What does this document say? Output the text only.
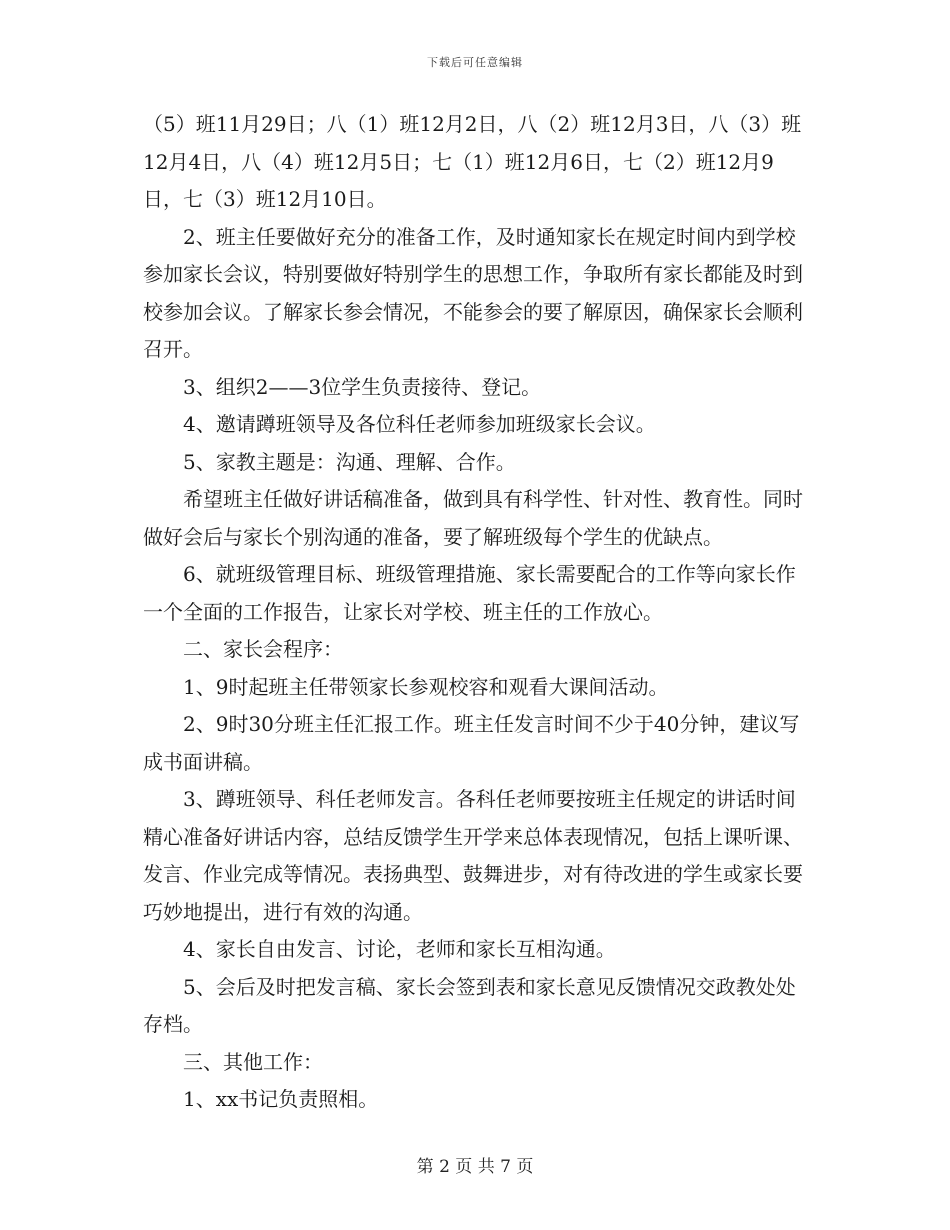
下载后可任意编辑

（5）班11月29日；八（1）班12月2日，八（2）班12月3日，八（3）班12月4日，八（4）班12月5日；七（1）班12月6日，七（2）班12月9日，七（3）班12月10日。

2、班主任要做好充分的准备工作，及时通知家长在规定时间内到学校参加家长会议，特别要做好特别学生的思想工作，争取所有家长都能及时到校参加会议。了解家长参会情况，不能参会的要了解原因，确保家长会顺利召开。

3、组织2——3位学生负责接待、登记。

4、邀请蹲班领导及各位科任老师参加班级家长会议。

5、家教主题是：沟通、理解、合作。

希望班主任做好讲话稿准备，做到具有科学性、针对性、教育性。同时做好会后与家长个别沟通的准备，要了解班级每个学生的优缺点。

6、就班级管理目标、班级管理措施、家长需要配合的工作等向家长作一个全面的工作报告，让家长对学校、班主任的工作放心。

二、家长会程序：

1、9时起班主任带领家长参观校容和观看大课间活动。

2、9时30分班主任汇报工作。班主任发言时间不少于40分钟，建议写成书面讲稿。

3、蹲班领导、科任老师发言。各科任老师要按班主任规定的讲话时间精心准备好讲话内容，总结反馈学生开学来总体表现情况，包括上课听课、发言、作业完成等情况。表扬典型、鼓舞进步，对有待改进的学生或家长要巧妙地提出，进行有效的沟通。

4、家长自由发言、讨论，老师和家长互相沟通。

5、会后及时把发言稿、家长会签到表和家长意见反馈情况交政教处处存档。

三、其他工作：

1、xx书记负责照相。

第 2 页 共 7 页
